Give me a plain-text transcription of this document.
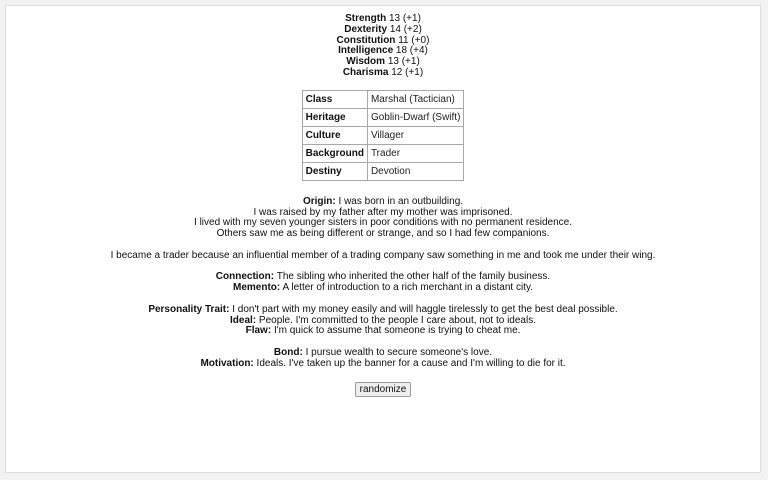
Strength 13 (+1)
Dexterity 14 (+2)
Constitution 11 (+0)
Intelligence 18 (+4)
Wisdom 13 (+1)
Charisma 12 (+1)
Class	Marshal (Tactician)
Heritage	Goblin-Dwarf (Swift)
Culture	Villager
Background	Trader
Destiny	Devotion

Origin: I was born in an outbuilding.
I was raised by my father after my mother was imprisoned.
I lived with my seven younger sisters in poor conditions with no permanent residence.
Others saw me as being different or strange, and so I had few companions.

I became a trader because an influential member of a trading company saw something in me and took me under their wing.

Connection: The sibling who inherited the other half of the family business.
Memento: A letter of introduction to a rich merchant in a distant city.

Personality Trait: I don't part with my money easily and will haggle tirelessly to get the best deal possible.
Ideal: People. I'm committed to the people I care about, not to ideals.
Flaw: I'm quick to assume that someone is trying to cheat me.

Bond: I pursue wealth to secure someone's love.
Motivation: Ideals. I've taken up the banner for a cause and I'm willing to die for it.

randomize
